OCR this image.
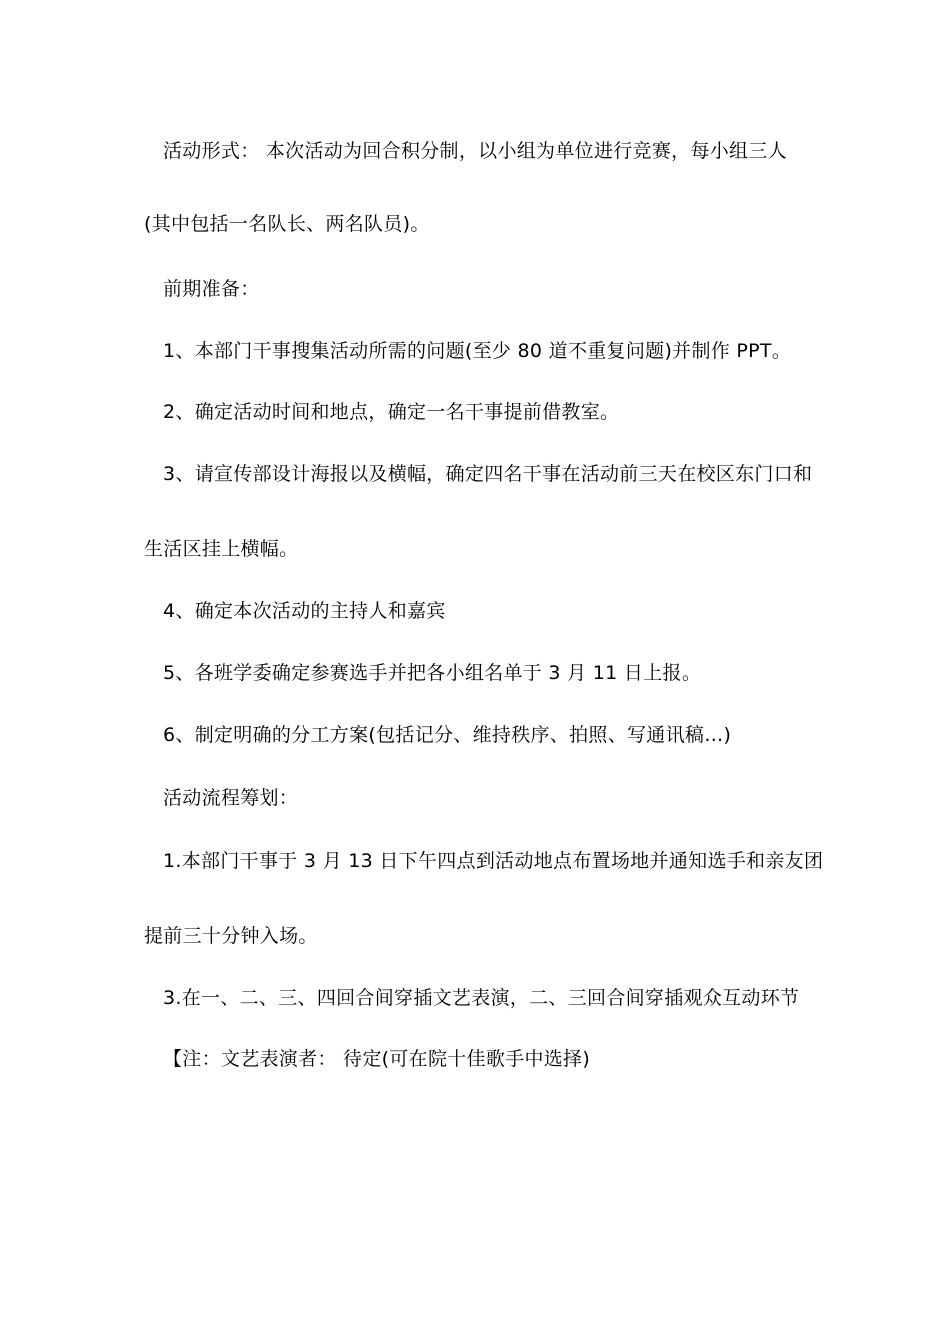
活动形式： 本次活动为回合积分制，以小组为单位进行竞赛，每小组三人
(其中包括一名队长、两名队员)。
前期准备：
1、本部门干事搜集活动所需的问题(至少 80 道不重复问题)并制作 PPT。
2、确定活动时间和地点，确定一名干事提前借教室。
3、请宣传部设计海报以及横幅，确定四名干事在活动前三天在校区东门口和
生活区挂上横幅。
4、确定本次活动的主持人和嘉宾
5、各班学委确定参赛选手并把各小组名单于 3 月 11 日上报。
6、制定明确的分工方案(包括记分、维持秩序、拍照、写通讯稿…)
活动流程筹划：
1.本部门干事于 3 月 13 日下午四点到活动地点布置场地并通知选手和亲友团
提前三十分钟入场。
3.在一、二、三、四回合间穿插文艺表演，二、三回合间穿插观众互动环节
【注：文艺表演者： 待定(可在院十佳歌手中选择)
